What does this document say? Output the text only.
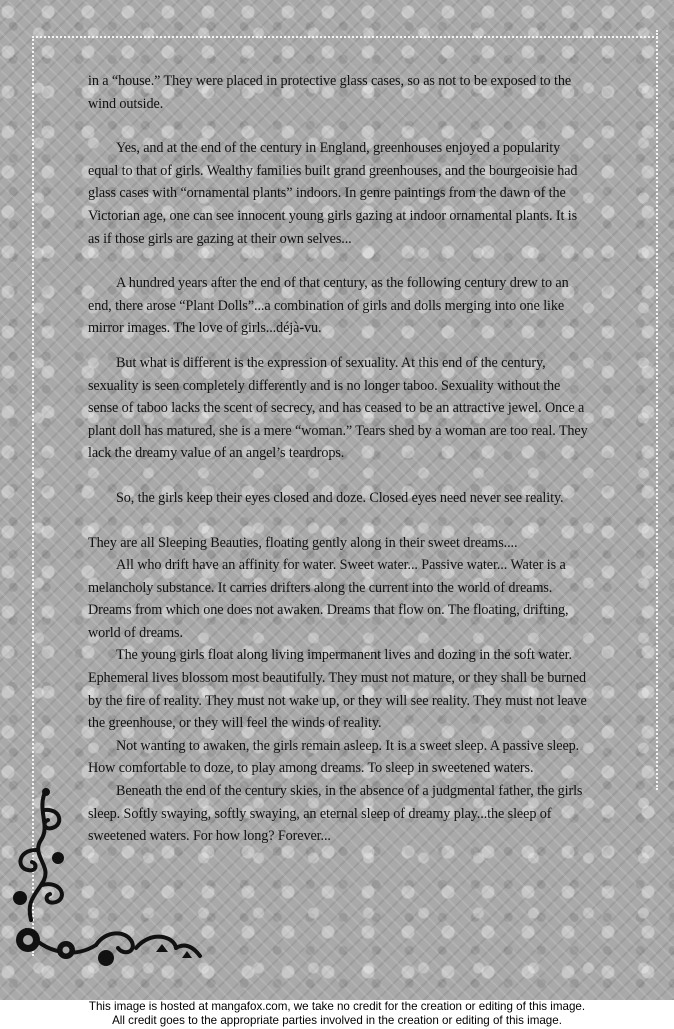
in a “house.” They were placed in protective glass cases, so as not to be exposed to the wind outside.

Yes, and at the end of the century in England, greenhouses enjoyed a popularity equal to that of girls. Wealthy families built grand greenhouses, and the bourgeoisie had glass cases with “ornamental plants” indoors. In genre paintings from the dawn of the Victorian age, one can see innocent young girls gazing at indoor ornamental plants. It is as if those girls are gazing at their own selves...

A hundred years after the end of that century, as the following century drew to an end, there arose “Plant Dolls”...a combination of girls and dolls merging into one like mirror images. The love of girls...déjà-vu.

But what is different is the expression of sexuality. At this end of the century, sexuality is seen completely differently and is no longer taboo. Sexuality without the sense of taboo lacks the scent of secrecy, and has ceased to be an attractive jewel. Once a plant doll has matured, she is a mere “woman.” Tears shed by a woman are too real. They lack the dreamy value of an angel’s teardrops.

So, the girls keep their eyes closed and doze. Closed eyes need never see reality.

They are all Sleeping Beauties, floating gently along in their sweet dreams....

All who drift have an affinity for water. Sweet water... Passive water... Water is a melancholy substance. It carries drifters along the current into the world of dreams. Dreams from which one does not awaken. Dreams that flow on. The floating, drifting, world of dreams.

The young girls float along living impermanent lives and dozing in the soft water. Ephemeral lives blossom most beautifully. They must not mature, or they shall be burned by the fire of reality. They must not wake up, or they will see reality. They must not leave the greenhouse, or they will feel the winds of reality.

Not wanting to awaken, the girls remain asleep. It is a sweet sleep. A passive sleep. How comfortable to doze, to play among dreams. To sleep in sweetened waters.

Beneath the end of the century skies, in the absence of a judgmental father, the girls sleep. Softly swaying, softly swaying, an eternal sleep of dreamy play...the sleep of sweetened waters. For how long? Forever...

This image is hosted at mangafox.com, we take no credit for the creation or editing of this image.
All credit goes to the appropriate parties involved in the creation or editing of this image.
